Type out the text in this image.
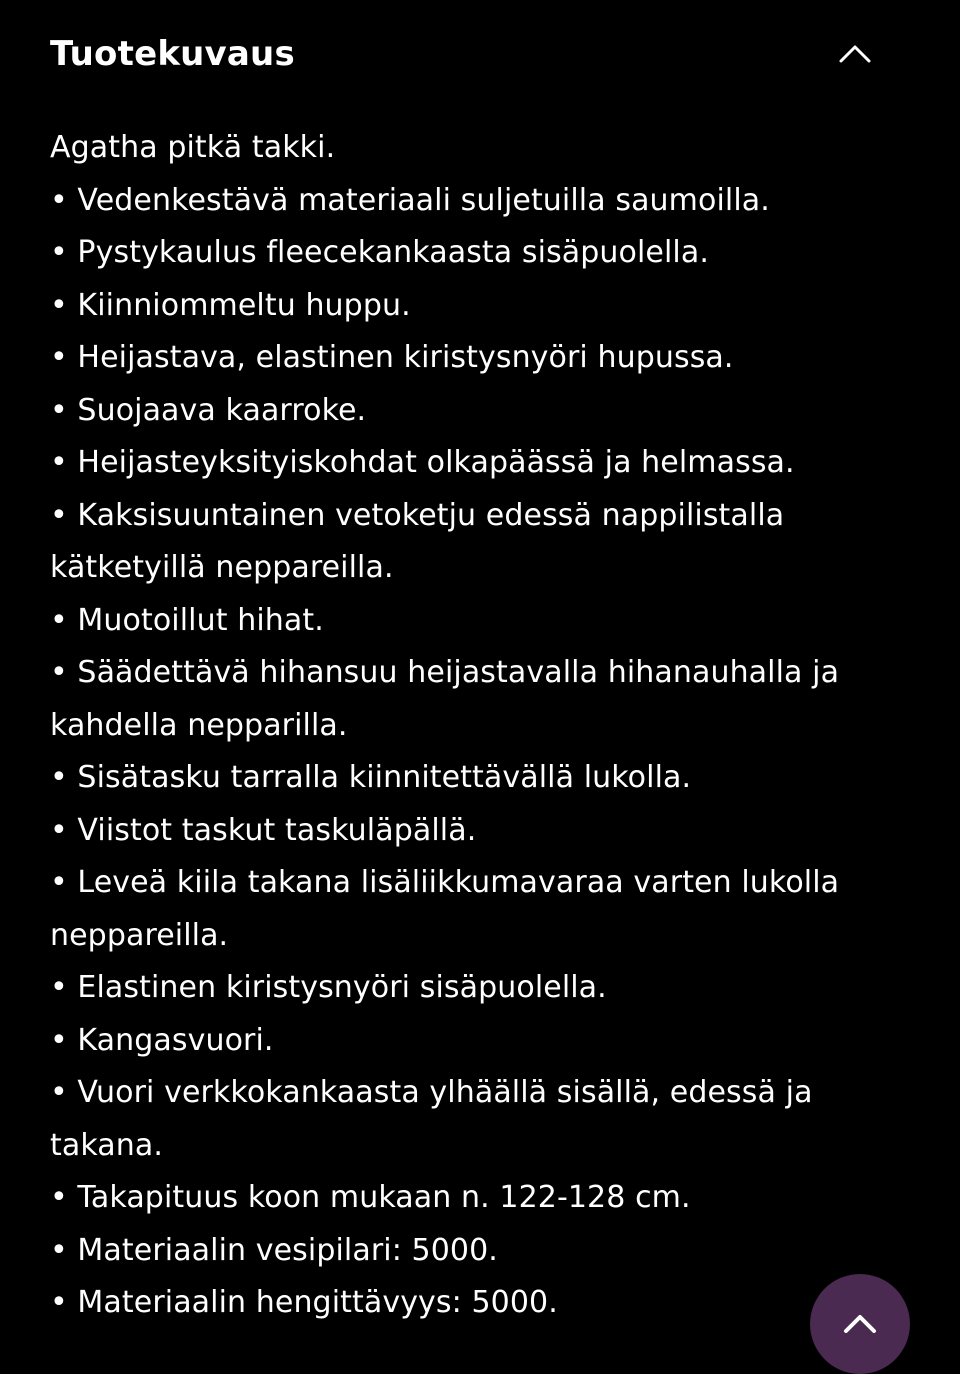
Tuotekuvaus
Agatha pitkä takki.
• Vedenkestävä materiaali suljetuilla saumoilla.
• Pystykaulus fleecekankaasta sisäpuolella.
• Kiinniommeltu huppu.
• Heijastava, elastinen kiristysnyöri hupussa.
• Suojaava kaarroke.
• Heijasteyksityiskohdat olkapäässä ja helmassa.
• Kaksisuuntainen vetoketju edessä nappilistalla
kätketyillä neppareilla.
• Muotoillut hihat.
• Säädettävä hihansuu heijastavalla hihanauhalla ja
kahdella nepparilla.
• Sisätasku tarralla kiinnitettävällä lukolla.
• Viistot taskut taskuläpällä.
• Leveä kiila takana lisäliikkumavaraa varten lukolla
neppareilla.
• Elastinen kiristysnyöri sisäpuolella.
• Kangasvuori.
• Vuori verkkokankaasta ylhäällä sisällä, edessä ja
takana.
• Takapituus koon mukaan n. 122-128 cm.
• Materiaalin vesipilari: 5000.
• Materiaalin hengittävyys: 5000.
